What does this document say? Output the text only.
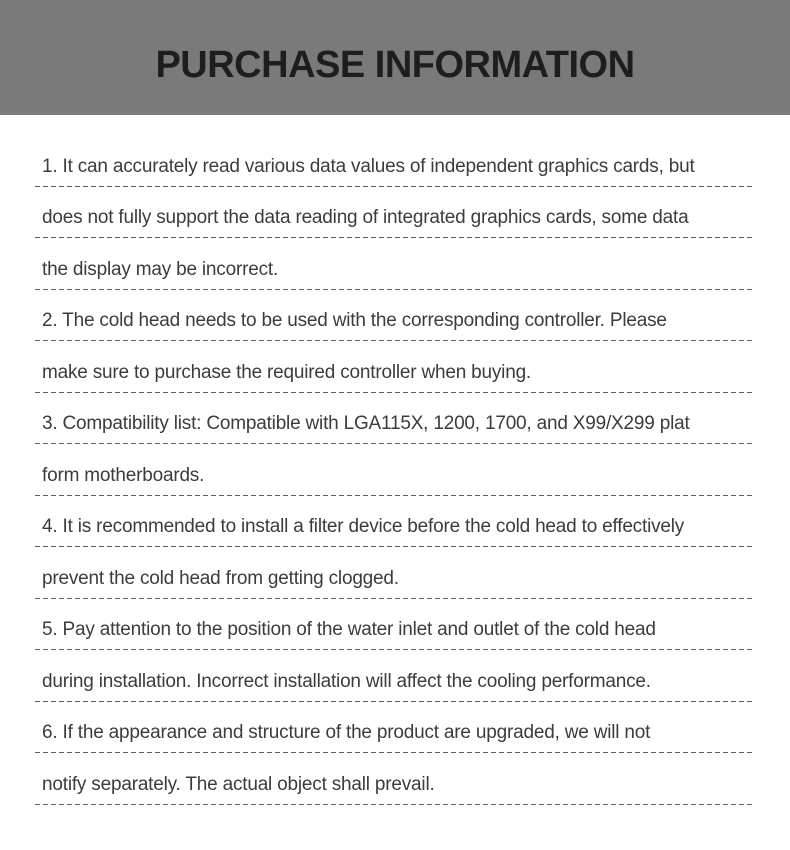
PURCHASE INFORMATION
1. It can accurately read various data values of independent graphics cards, but
does not fully support the data reading of integrated graphics cards, some data
the display may be incorrect.
2. The cold head needs to be used with the corresponding controller. Please
make sure to purchase the required controller when buying.
3. Compatibility list: Compatible with LGA115X, 1200, 1700, and X99/X299 plat
form motherboards.
4. It is recommended to install a filter device before the cold head to effectively
prevent the cold head from getting clogged.
5. Pay attention to the position of the water inlet and outlet of the cold head
during installation. Incorrect installation will affect the cooling performance.
6. If the appearance and structure of the product are upgraded, we will not
notify separately. The actual object shall prevail.
